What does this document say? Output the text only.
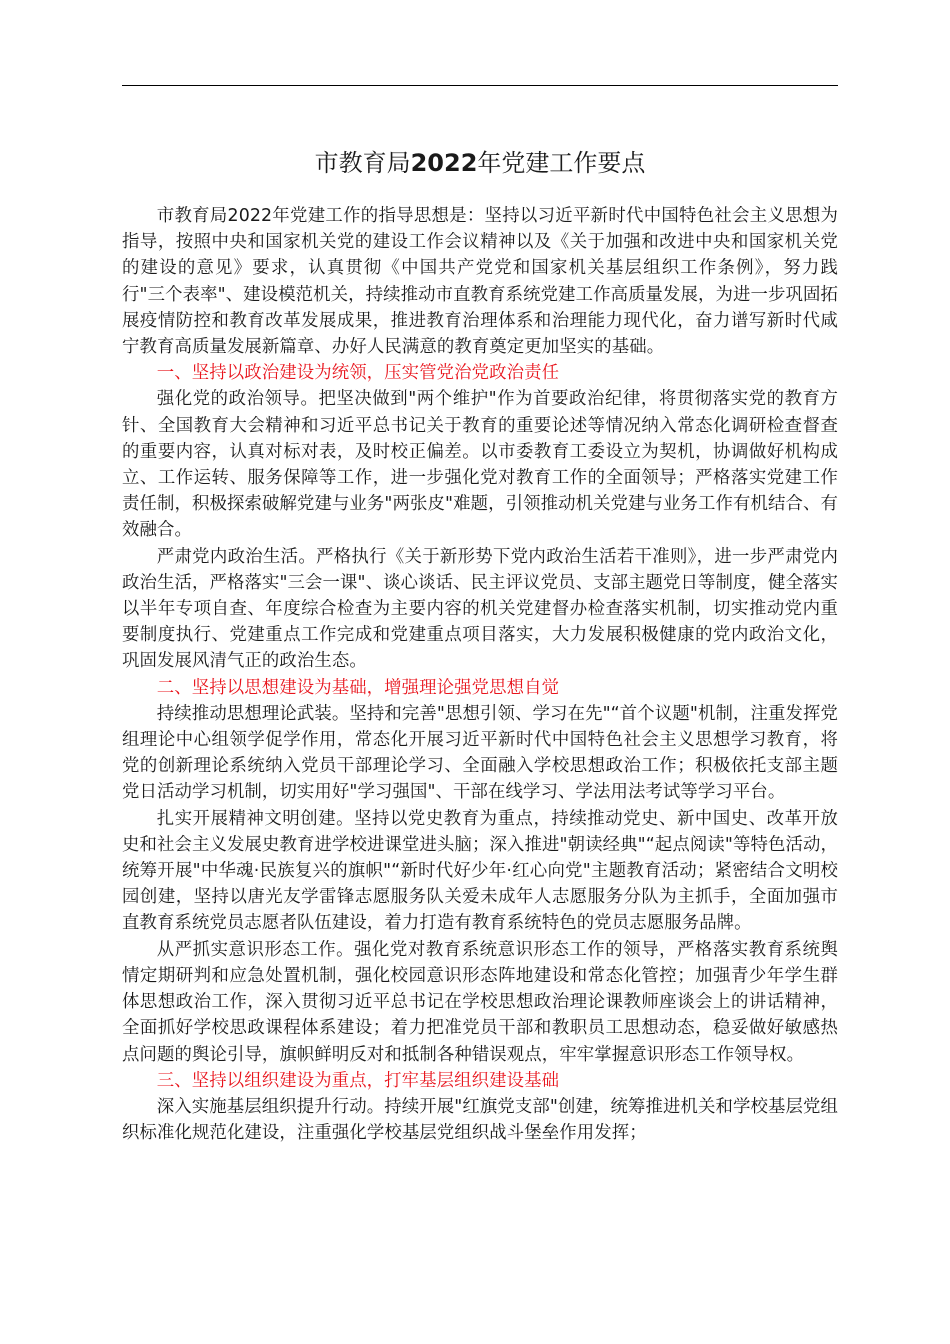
市教育局2022年党建工作要点

市教育局2022年党建工作的指导思想是：坚持以习近平新时代中国特色社会主义思想为指导，按照中央和国家机关党的建设工作会议精神以及《关于加强和改进中央和国家机关党的建设的意见》要求，认真贯彻《中国共产党党和国家机关基层组织工作条例》，努力践行"三个表率"、建设模范机关，持续推动市直教育系统党建工作高质量发展，为进一步巩固拓展疫情防控和教育改革发展成果，推进教育治理体系和治理能力现代化，奋力谱写新时代咸宁教育高质量发展新篇章、办好人民满意的教育奠定更加坚实的基础。

一、坚持以政治建设为统领，压实管党治党政治责任

强化党的政治领导。把坚决做到"两个维护"作为首要政治纪律，将贯彻落实党的教育方针、全国教育大会精神和习近平总书记关于教育的重要论述等情况纳入常态化调研检查督查的重要内容，认真对标对表，及时校正偏差。以市委教育工委设立为契机，协调做好机构成立、工作运转、服务保障等工作，进一步强化党对教育工作的全面领导；严格落实党建工作责任制，积极探索破解党建与业务"两张皮"难题，引领推动机关党建与业务工作有机结合、有效融合。

严肃党内政治生活。严格执行《关于新形势下党内政治生活若干准则》，进一步严肃党内政治生活，严格落实"三会一课"、谈心谈话、民主评议党员、支部主题党日等制度，健全落实以半年专项自查、年度综合检查为主要内容的机关党建督办检查落实机制，切实推动党内重要制度执行、党建重点工作完成和党建重点项目落实，大力发展积极健康的党内政治文化，巩固发展风清气正的政治生态。

二、坚持以思想建设为基础，增强理论强党思想自觉

持续推动思想理论武装。坚持和完善"思想引领、学习在先"“首个议题"机制，注重发挥党组理论中心组领学促学作用，常态化开展习近平新时代中国特色社会主义思想学习教育，将党的创新理论系统纳入党员干部理论学习、全面融入学校思想政治工作；积极依托支部主题党日活动学习机制，切实用好"学习强国"、干部在线学习、学法用法考试等学习平台。

扎实开展精神文明创建。坚持以党史教育为重点，持续推动党史、新中国史、改革开放史和社会主义发展史教育进学校进课堂进头脑；深入推进"朝读经典"“起点阅读"等特色活动，统筹开展"中华魂·民族复兴的旗帜"“新时代好少年·红心向党"主题教育活动；紧密结合文明校园创建，坚持以唐光友学雷锋志愿服务队关爱未成年人志愿服务分队为主抓手，全面加强市直教育系统党员志愿者队伍建设，着力打造有教育系统特色的党员志愿服务品牌。

从严抓实意识形态工作。强化党对教育系统意识形态工作的领导，严格落实教育系统舆情定期研判和应急处置机制，强化校园意识形态阵地建设和常态化管控；加强青少年学生群体思想政治工作，深入贯彻习近平总书记在学校思想政治理论课教师座谈会上的讲话精神，全面抓好学校思政课程体系建设；着力把准党员干部和教职员工思想动态，稳妥做好敏感热点问题的舆论引导，旗帜鲜明反对和抵制各种错误观点，牢牢掌握意识形态工作领导权。

三、坚持以组织建设为重点，打牢基层组织建设基础

深入实施基层组织提升行动。持续开展"红旗党支部"创建，统筹推进机关和学校基层党组织标准化规范化建设，注重强化学校基层党组织战斗堡垒作用发挥；
